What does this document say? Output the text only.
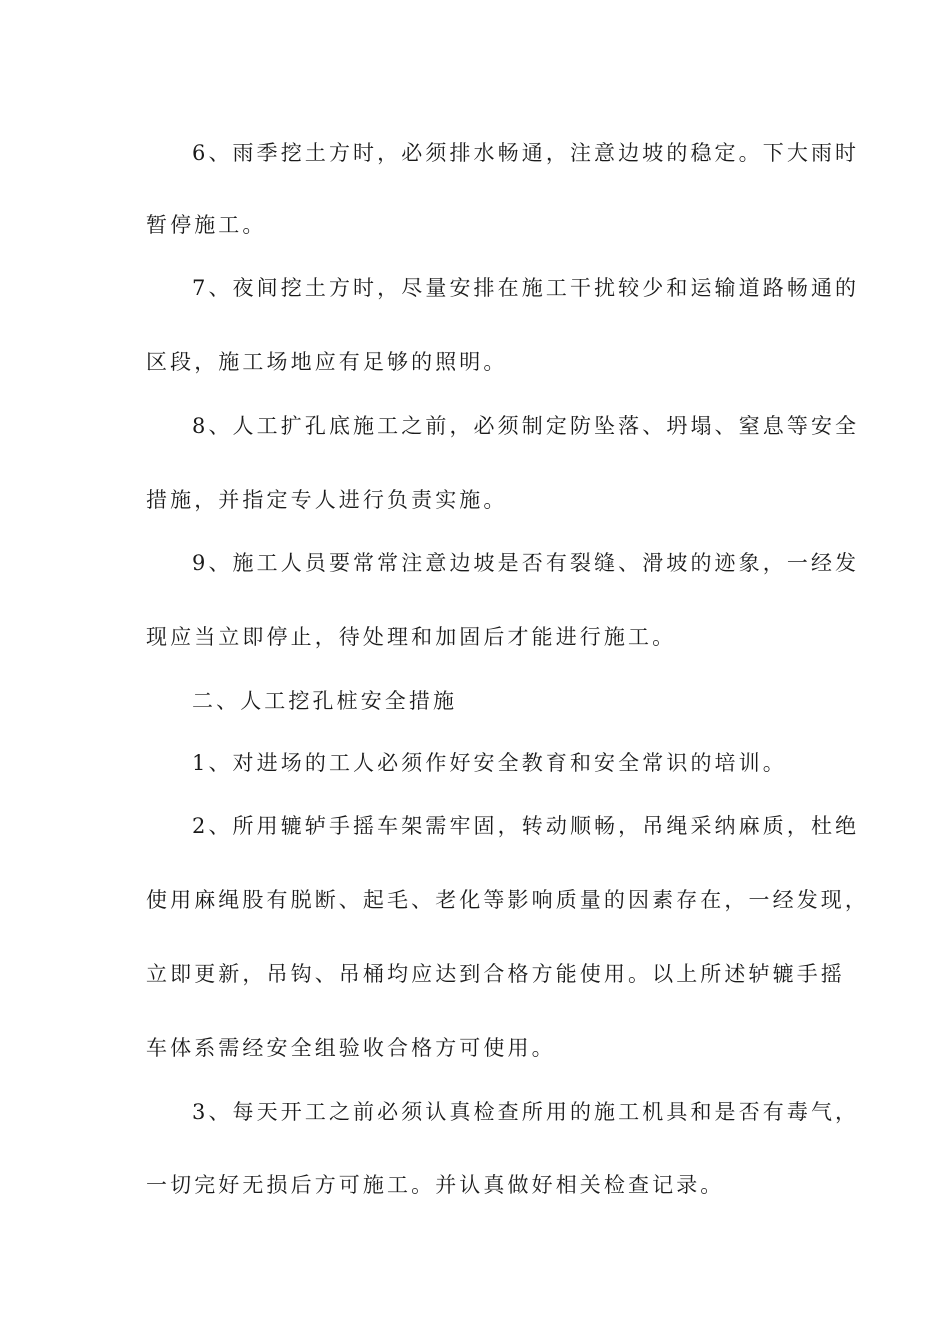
6、雨季挖土方时，必须排水畅通，注意边坡的稳定。下大雨时

暂停施工。

7、夜间挖土方时，尽量安排在施工干扰较少和运输道路畅通的

区段，施工场地应有足够的照明。

8、人工扩孔底施工之前，必须制定防坠落、坍塌、窒息等安全

措施，并指定专人进行负责实施。

9、施工人员要常常注意边坡是否有裂缝、滑坡的迹象，一经发

现应当立即停止，待处理和加固后才能进行施工。

二、人工挖孔桩安全措施

1、对进场的工人必须作好安全教育和安全常识的培训。

2、所用辘轳手摇车架需牢固，转动顺畅，吊绳采纳麻质，杜绝

使用麻绳股有脱断、起毛、老化等影响质量的因素存在，一经发现，

立即更新，吊钩、吊桶均应达到合格方能使用。以上所述轳辘手摇

车体系需经安全组验收合格方可使用。

3、每天开工之前必须认真检查所用的施工机具和是否有毒气，

一切完好无损后方可施工。并认真做好相关检查记录。
